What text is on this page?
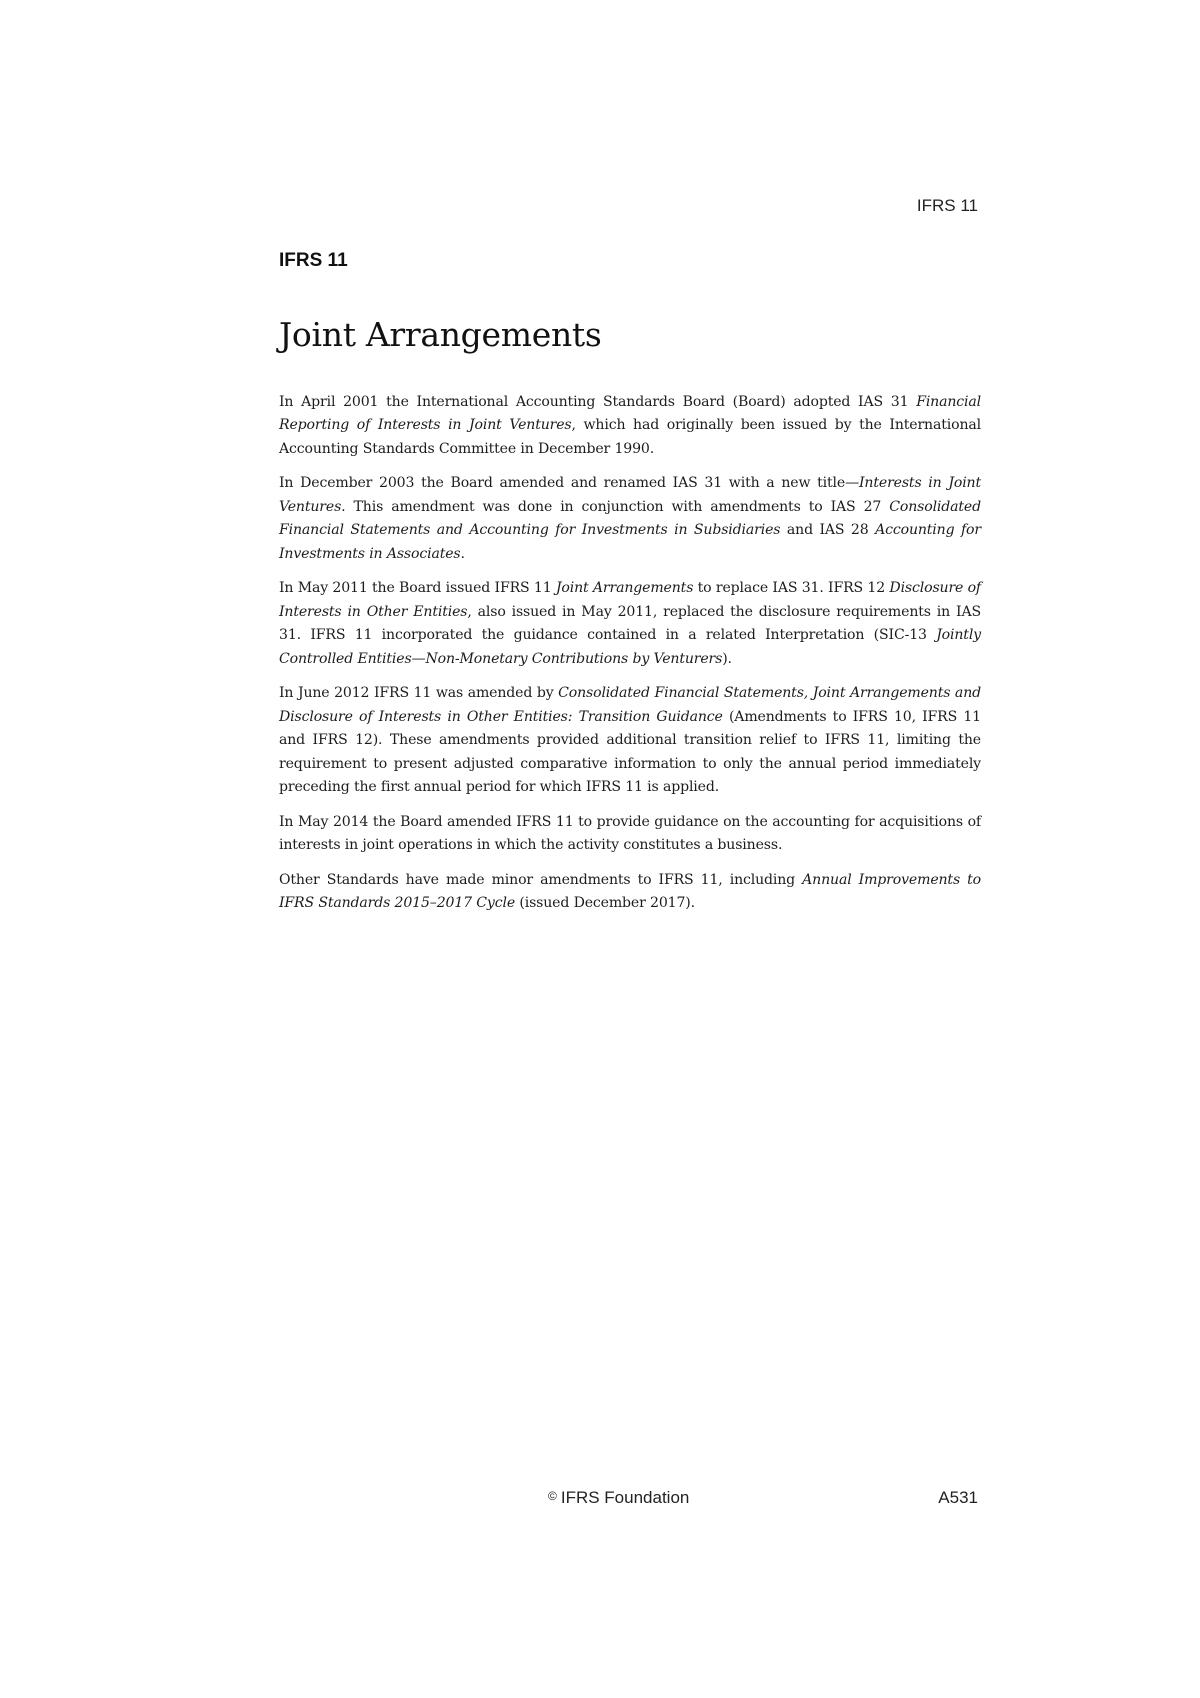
IFRS 11
IFRS 11
Joint Arrangements

In April 2001 the International Accounting Standards Board (Board) adopted IAS 31 Financial Reporting of Interests in Joint Ventures, which had originally been issued by the International Accounting Standards Committee in December 1990.

In December 2003 the Board amended and renamed IAS 31 with a new title—Interests in Joint Ventures. This amendment was done in conjunction with amendments to IAS 27 Consolidated Financial Statements and Accounting for Investments in Subsidiaries and IAS 28 Accounting for Investments in Associates.

In May 2011 the Board issued IFRS 11 Joint Arrangements to replace IAS 31. IFRS 12 Disclosure of Interests in Other Entities, also issued in May 2011, replaced the disclosure requirements in IAS 31. IFRS 11 incorporated the guidance contained in a related Interpretation (SIC-13 Jointly Controlled Entities—Non-Monetary Contributions by Venturers).

In June 2012 IFRS 11 was amended by Consolidated Financial Statements, Joint Arrangements and Disclosure of Interests in Other Entities: Transition Guidance (Amendments to IFRS 10, IFRS 11 and IFRS 12). These amendments provided additional transition relief to IFRS 11, limiting the requirement to present adjusted comparative information to only the annual period immediately preceding the first annual period for which IFRS 11 is applied.

In May 2014 the Board amended IFRS 11 to provide guidance on the accounting for acquisitions of interests in joint operations in which the activity constitutes a business.

Other Standards have made minor amendments to IFRS 11, including Annual Improvements to IFRS Standards 2015–2017 Cycle (issued December 2017).

© IFRS Foundation	A531
